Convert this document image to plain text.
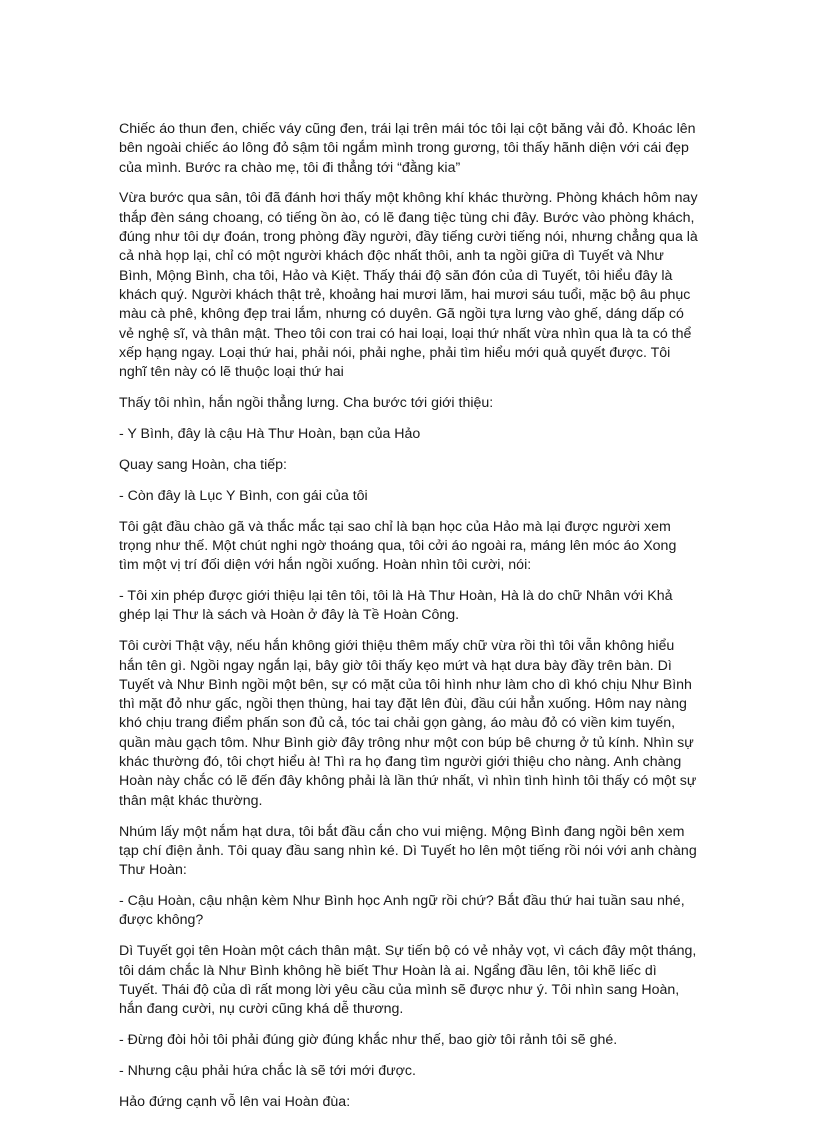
Chiếc áo thun đen, chiếc váy cũng đen, trái lại trên mái tóc tôi lại cột băng vải đỏ. Khoác lên bên ngoài chiếc áo lông đỏ sậm tôi ngắm mình trong gương, tôi thấy hãnh diện với cái đẹp của mình. Bước ra chào mẹ, tôi đi thẳng tới “đằng kia”

Vừa bước qua sân, tôi đã đánh hơi thấy một không khí khác thường. Phòng khách hôm nay thắp đèn sáng choang, có tiếng ồn ào, có lẽ đang tiệc tùng chi đây. Bước vào phòng khách, đúng như tôi dự đoán, trong phòng đầy người, đầy tiếng cười tiếng nói, nhưng chẳng qua là cả nhà họp lại, chỉ có một người khách độc nhất thôi, anh ta ngồi giữa dì Tuyết và Như Bình, Mộng Bình, cha tôi, Hảo và Kiệt. Thấy thái độ săn đón của dì Tuyết, tôi hiểu đây là khách quý. Người khách thật trẻ, khoảng hai mươi lăm, hai mươi sáu tuổi, mặc bộ âu phục màu cà phê, không đẹp trai lắm, nhưng có duyên. Gã ngồi tựa lưng vào ghế, dáng dấp có vẻ nghệ sĩ, và thân mật. Theo tôi con trai có hai loại, loại thứ nhất vừa nhìn qua là ta có thể xếp hạng ngay. Loại thứ hai, phải nói, phải nghe, phải tìm hiểu mới quả quyết được. Tôi nghĩ tên này có lẽ thuộc loại thứ hai

Thấy tôi nhìn, hắn ngồi thẳng lưng. Cha bước tới giới thiệu:

- Y Bình, đây là cậu Hà Thư Hoàn, bạn của Hảo

Quay sang Hoàn, cha tiếp:

- Còn đây là Lục Y Bình, con gái của tôi

Tôi gật đầu chào gã và thắc mắc tại sao chỉ là bạn học của Hảo mà lại được người xem trọng như thế. Một chút nghi ngờ thoáng qua, tôi cởi áo ngoài ra, máng lên móc áo Xong tìm một vị trí đối diện với hắn ngồi xuống. Hoàn nhìn tôi cười, nói:

- Tôi xin phép được giới thiệu lại tên tôi, tôi là Hà Thư Hoàn, Hà là do chữ Nhân với Khả ghép lại Thư là sách và Hoàn ở đây là Tề Hoàn Công.

Tôi cười Thật vậy, nếu hắn không giới thiệu thêm mấy chữ vừa rồi thì tôi vẫn không hiểu hắn tên gì. Ngồi ngay ngắn lại, bây giờ tôi thấy kẹo mứt và hạt dưa bày đầy trên bàn. Dì Tuyết và Như Bình ngồi một bên, sự có mặt của tôi hình như làm cho dì khó chịu Như Bình thì mặt đỏ như gấc, ngồi thẹn thùng, hai tay đặt lên đùi, đầu cúi hẳn xuống. Hôm nay nàng khó chịu trang điểm phấn son đủ cả, tóc tai chải gọn gàng, áo màu đỏ có viền kim tuyến, quần màu gạch tôm. Như Bình giờ đây trông như một con búp bê chưng ở tủ kính. Nhìn sự khác thường đó, tôi chợt hiểu à! Thì ra họ đang tìm người giới thiệu cho nàng. Anh chàng Hoàn này chắc có lẽ đến đây không phải là lần thứ nhất, vì nhìn tình hình tôi thấy có một sự thân mật khác thường.

Nhúm lấy một nắm hạt dưa, tôi bắt đầu cắn cho vui miệng. Mộng Bình đang ngồi bên xem tạp chí điện ảnh. Tôi quay đầu sang nhìn ké. Dì Tuyết ho lên một tiếng rồi nói với anh chàng Thư Hoàn:

- Cậu Hoàn, cậu nhận kèm Như Bình học Anh ngữ rồi chứ? Bắt đầu thứ hai tuần sau nhé, được không?

Dì Tuyết gọi tên Hoàn một cách thân mật. Sự tiến bộ có vẻ nhảy vọt, vì cách đây một tháng, tôi dám chắc là Như Bình không hề biết Thư Hoàn là ai. Ngẩng đầu lên, tôi khẽ liếc dì Tuyết. Thái độ của dì rất mong lời yêu cầu của mình sẽ được như ý. Tôi nhìn sang Hoàn, hắn đang cười, nụ cười cũng khá dễ thương.

- Đừng đòi hỏi tôi phải đúng giờ đúng khắc như thế, bao giờ tôi rảnh tôi sẽ ghé.

- Nhưng cậu phải hứa chắc là sẽ tới mới được.

Hảo đứng cạnh vỗ lên vai Hoàn đùa:
